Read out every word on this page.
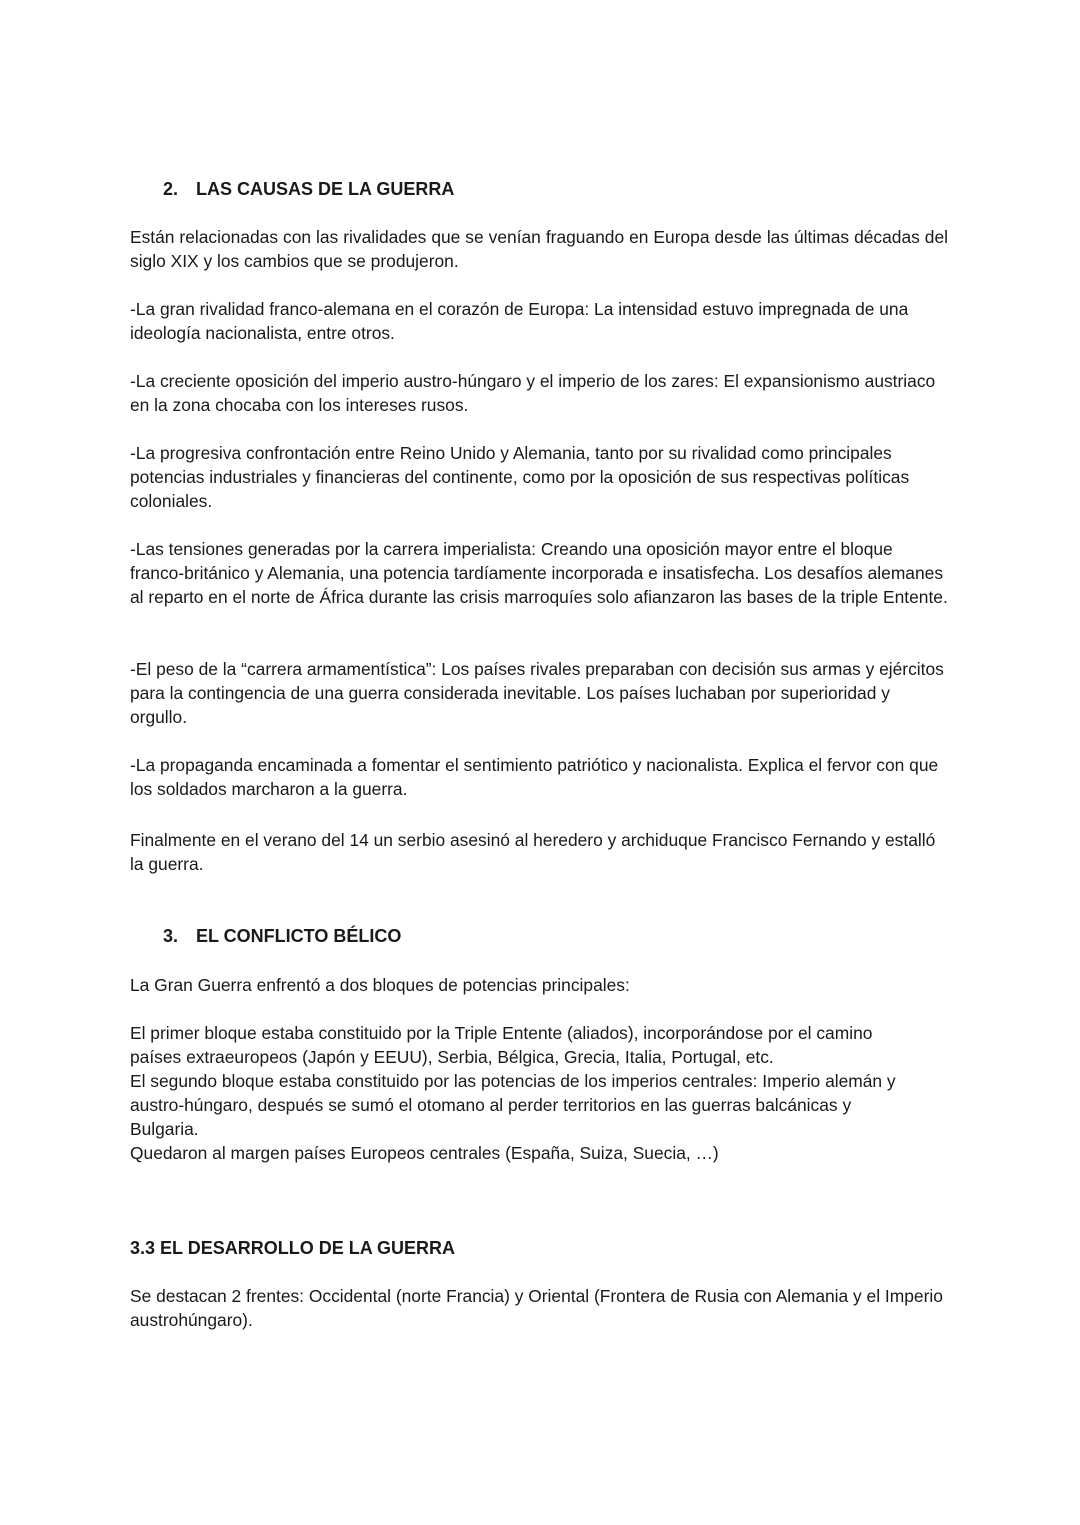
2. LAS CAUSAS DE LA GUERRA

Están relacionadas con las rivalidades que se venían fraguando en Europa desde las últimas décadas del siglo XIX y los cambios que se produjeron.

-La gran rivalidad franco-alemana en el corazón de Europa: La intensidad estuvo impregnada de una ideología nacionalista, entre otros.

-La creciente oposición del imperio austro-húngaro y el imperio de los zares: El expansionismo austriaco en la zona chocaba con los intereses rusos.

-La progresiva confrontación entre Reino Unido y Alemania, tanto por su rivalidad como principales potencias industriales y financieras del continente, como por la oposición de sus respectivas políticas coloniales.

-Las tensiones generadas por la carrera imperialista: Creando una oposición mayor entre el bloque franco-británico y Alemania, una potencia tardíamente incorporada e insatisfecha. Los desafíos alemanes al reparto en el norte de África durante las crisis marroquíes solo afianzaron las bases de la triple Entente.

-El peso de la “carrera armamentística”: Los países rivales preparaban con decisión sus armas y ejércitos para la contingencia de una guerra considerada inevitable. Los países luchaban por superioridad y orgullo.

-La propaganda encaminada a fomentar el sentimiento patriótico y nacionalista. Explica el fervor con que los soldados marcharon a la guerra.

Finalmente en el verano del 14 un serbio asesinó al heredero y archiduque Francisco Fernando y estalló la guerra.

3. EL CONFLICTO BÉLICO

La Gran Guerra enfrentó a dos bloques de potencias principales:

El primer bloque estaba constituido por la Triple Entente (aliados), incorporándose por el camino
países extraeuropeos (Japón y EEUU), Serbia, Bélgica, Grecia, Italia, Portugal, etc.
El segundo bloque estaba constituido por las potencias de los imperios centrales: Imperio alemán y
austro-húngaro, después se sumó el otomano al perder territorios en las guerras balcánicas y
Bulgaria.
Quedaron al margen países Europeos centrales (España, Suiza, Suecia, …)
3.3 EL DESARROLLO DE LA GUERRA

Se destacan 2 frentes: Occidental (norte Francia) y Oriental (Frontera de Rusia con Alemania y el Imperio austrohúngaro).
